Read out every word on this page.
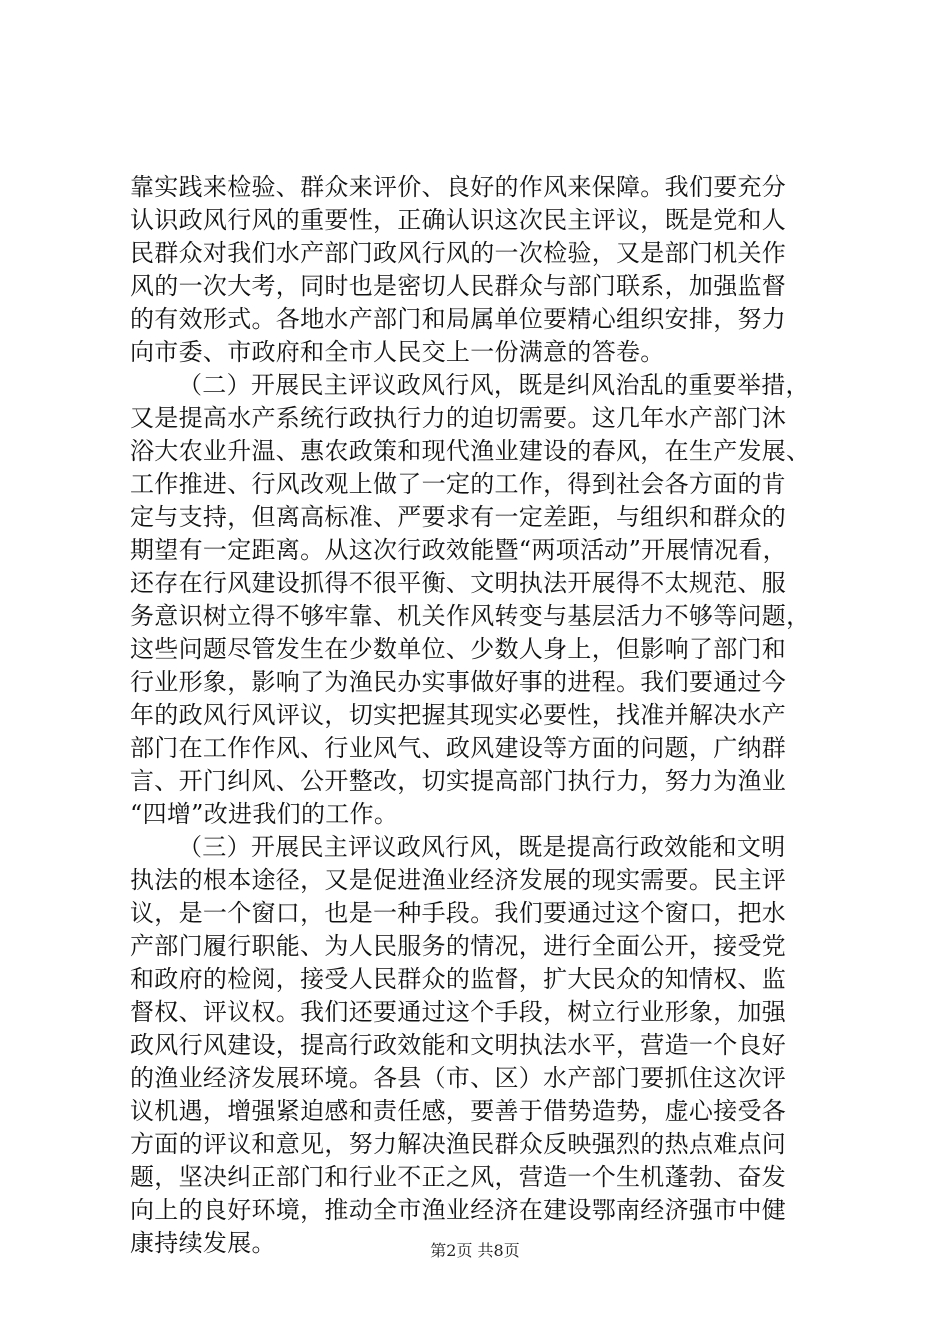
靠实践来检验、群众来评价、良好的作风来保障。我们要充分
认识政风行风的重要性，正确认识这次民主评议，既是党和人
民群众对我们水产部门政风行风的一次检验，又是部门机关作
风的一次大考，同时也是密切人民群众与部门联系，加强监督
的有效形式。各地水产部门和局属单位要精心组织安排，努力
向市委、市政府和全市人民交上一份满意的答卷。
（二）开展民主评议政风行风，既是纠风治乱的重要举措，
又是提高水产系统行政执行力的迫切需要。这几年水产部门沐
浴大农业升温、惠农政策和现代渔业建设的春风，在生产发展、
工作推进、行风改观上做了一定的工作，得到社会各方面的肯
定与支持，但离高标准、严要求有一定差距，与组织和群众的
期望有一定距离。从这次行政效能暨“两项活动”开展情况看，
还存在行风建设抓得不很平衡、文明执法开展得不太规范、服
务意识树立得不够牢靠、机关作风转变与基层活力不够等问题，
这些问题尽管发生在少数单位、少数人身上，但影响了部门和
行业形象，影响了为渔民办实事做好事的进程。我们要通过今
年的政风行风评议，切实把握其现实必要性，找准并解决水产
部门在工作作风、行业风气、政风建设等方面的问题，广纳群
言、开门纠风、公开整改，切实提高部门执行力，努力为渔业
“四增”改进我们的工作。
（三）开展民主评议政风行风，既是提高行政效能和文明
执法的根本途径，又是促进渔业经济发展的现实需要。民主评
议，是一个窗口，也是一种手段。我们要通过这个窗口，把水
产部门履行职能、为人民服务的情况，进行全面公开，接受党
和政府的检阅，接受人民群众的监督，扩大民众的知情权、监
督权、评议权。我们还要通过这个手段，树立行业形象，加强
政风行风建设，提高行政效能和文明执法水平，营造一个良好
的渔业经济发展环境。各县（市、区）水产部门要抓住这次评
议机遇，增强紧迫感和责任感，要善于借势造势，虚心接受各
方面的评议和意见，努力解决渔民群众反映强烈的热点难点问
题，坚决纠正部门和行业不正之风，营造一个生机蓬勃、奋发
向上的良好环境，推动全市渔业经济在建设鄂南经济强市中健
康持续发展。	第2页 共8页
